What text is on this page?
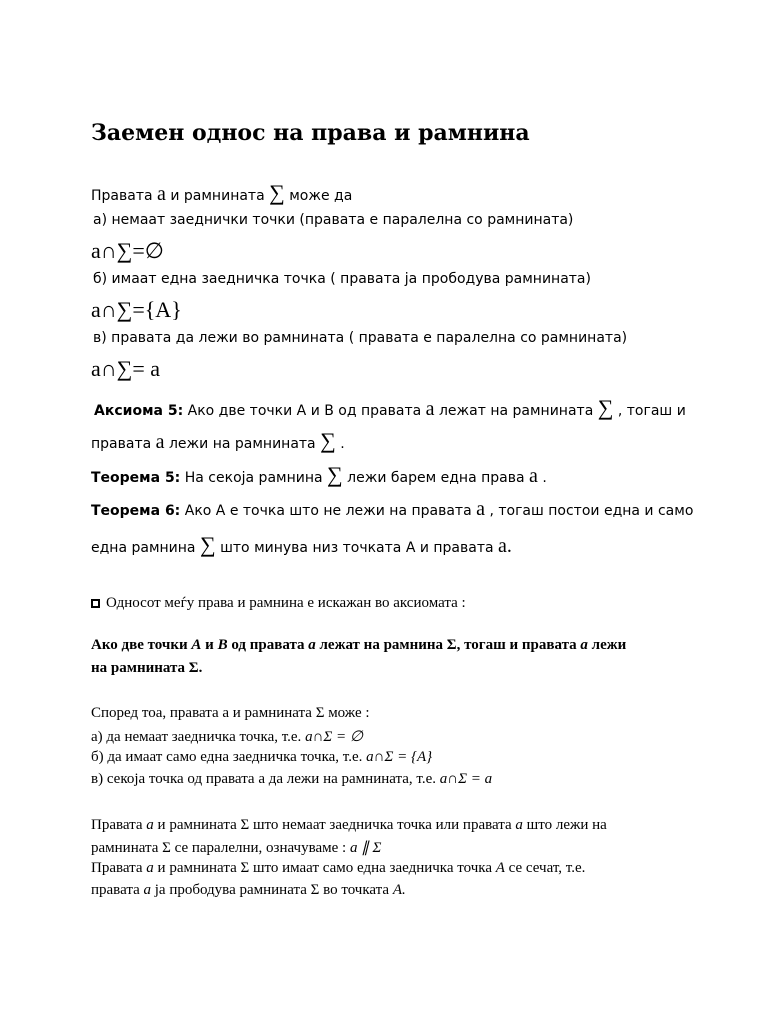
Заемен однос на права и рамнина
Правата а и рамнината ∑ може да
а) немаат заеднички точки (правата е паралелна со рамнината)
a∩∑=∅
б) имаат една заедничка точка ( правата ја прободува рамнината)
a∩∑={A}
в) правата да лежи во рамнината ( правата е паралелна со рамнината)
a∩∑= a
Аксиома 5: Ако две точки А и В од правата а лежат на рамнината ∑ , тогаш и
правата а лежи на рамнината ∑ .
Теорема 5: На секоја рамнина ∑ лежи барем една права а .
Теорема 6: Ако А е точка што не лежи на правата а , тогаш постои една и само
една рамнина ∑ што минува низ точката А и правата а.
Односот меѓу права и рамнина е искажан во аксиомата :
Ако две точки A и B од правата a лежат на рамнина Σ, тогаш и правата a лежи
на рамнината Σ.
Според тоа, правата а и рамнината Σ може :
а) да немаат заедничка точка, т.е. a∩Σ = ∅
б) да имаат само една заедничка точка, т.е. a∩Σ = {A}
в) секоја точка од правата а да лежи на рамнината, т.е. a∩Σ = a
Правата a и рамнината Σ што немаат заедничка точка или правата a што лежи на
рамнината Σ се паралелни, означуваме : a ∥ Σ
Правата a и рамнината Σ што имаат само една заедничка точка A се сечат, т.е.
правата a ја прободува рамнината Σ во точката A.
